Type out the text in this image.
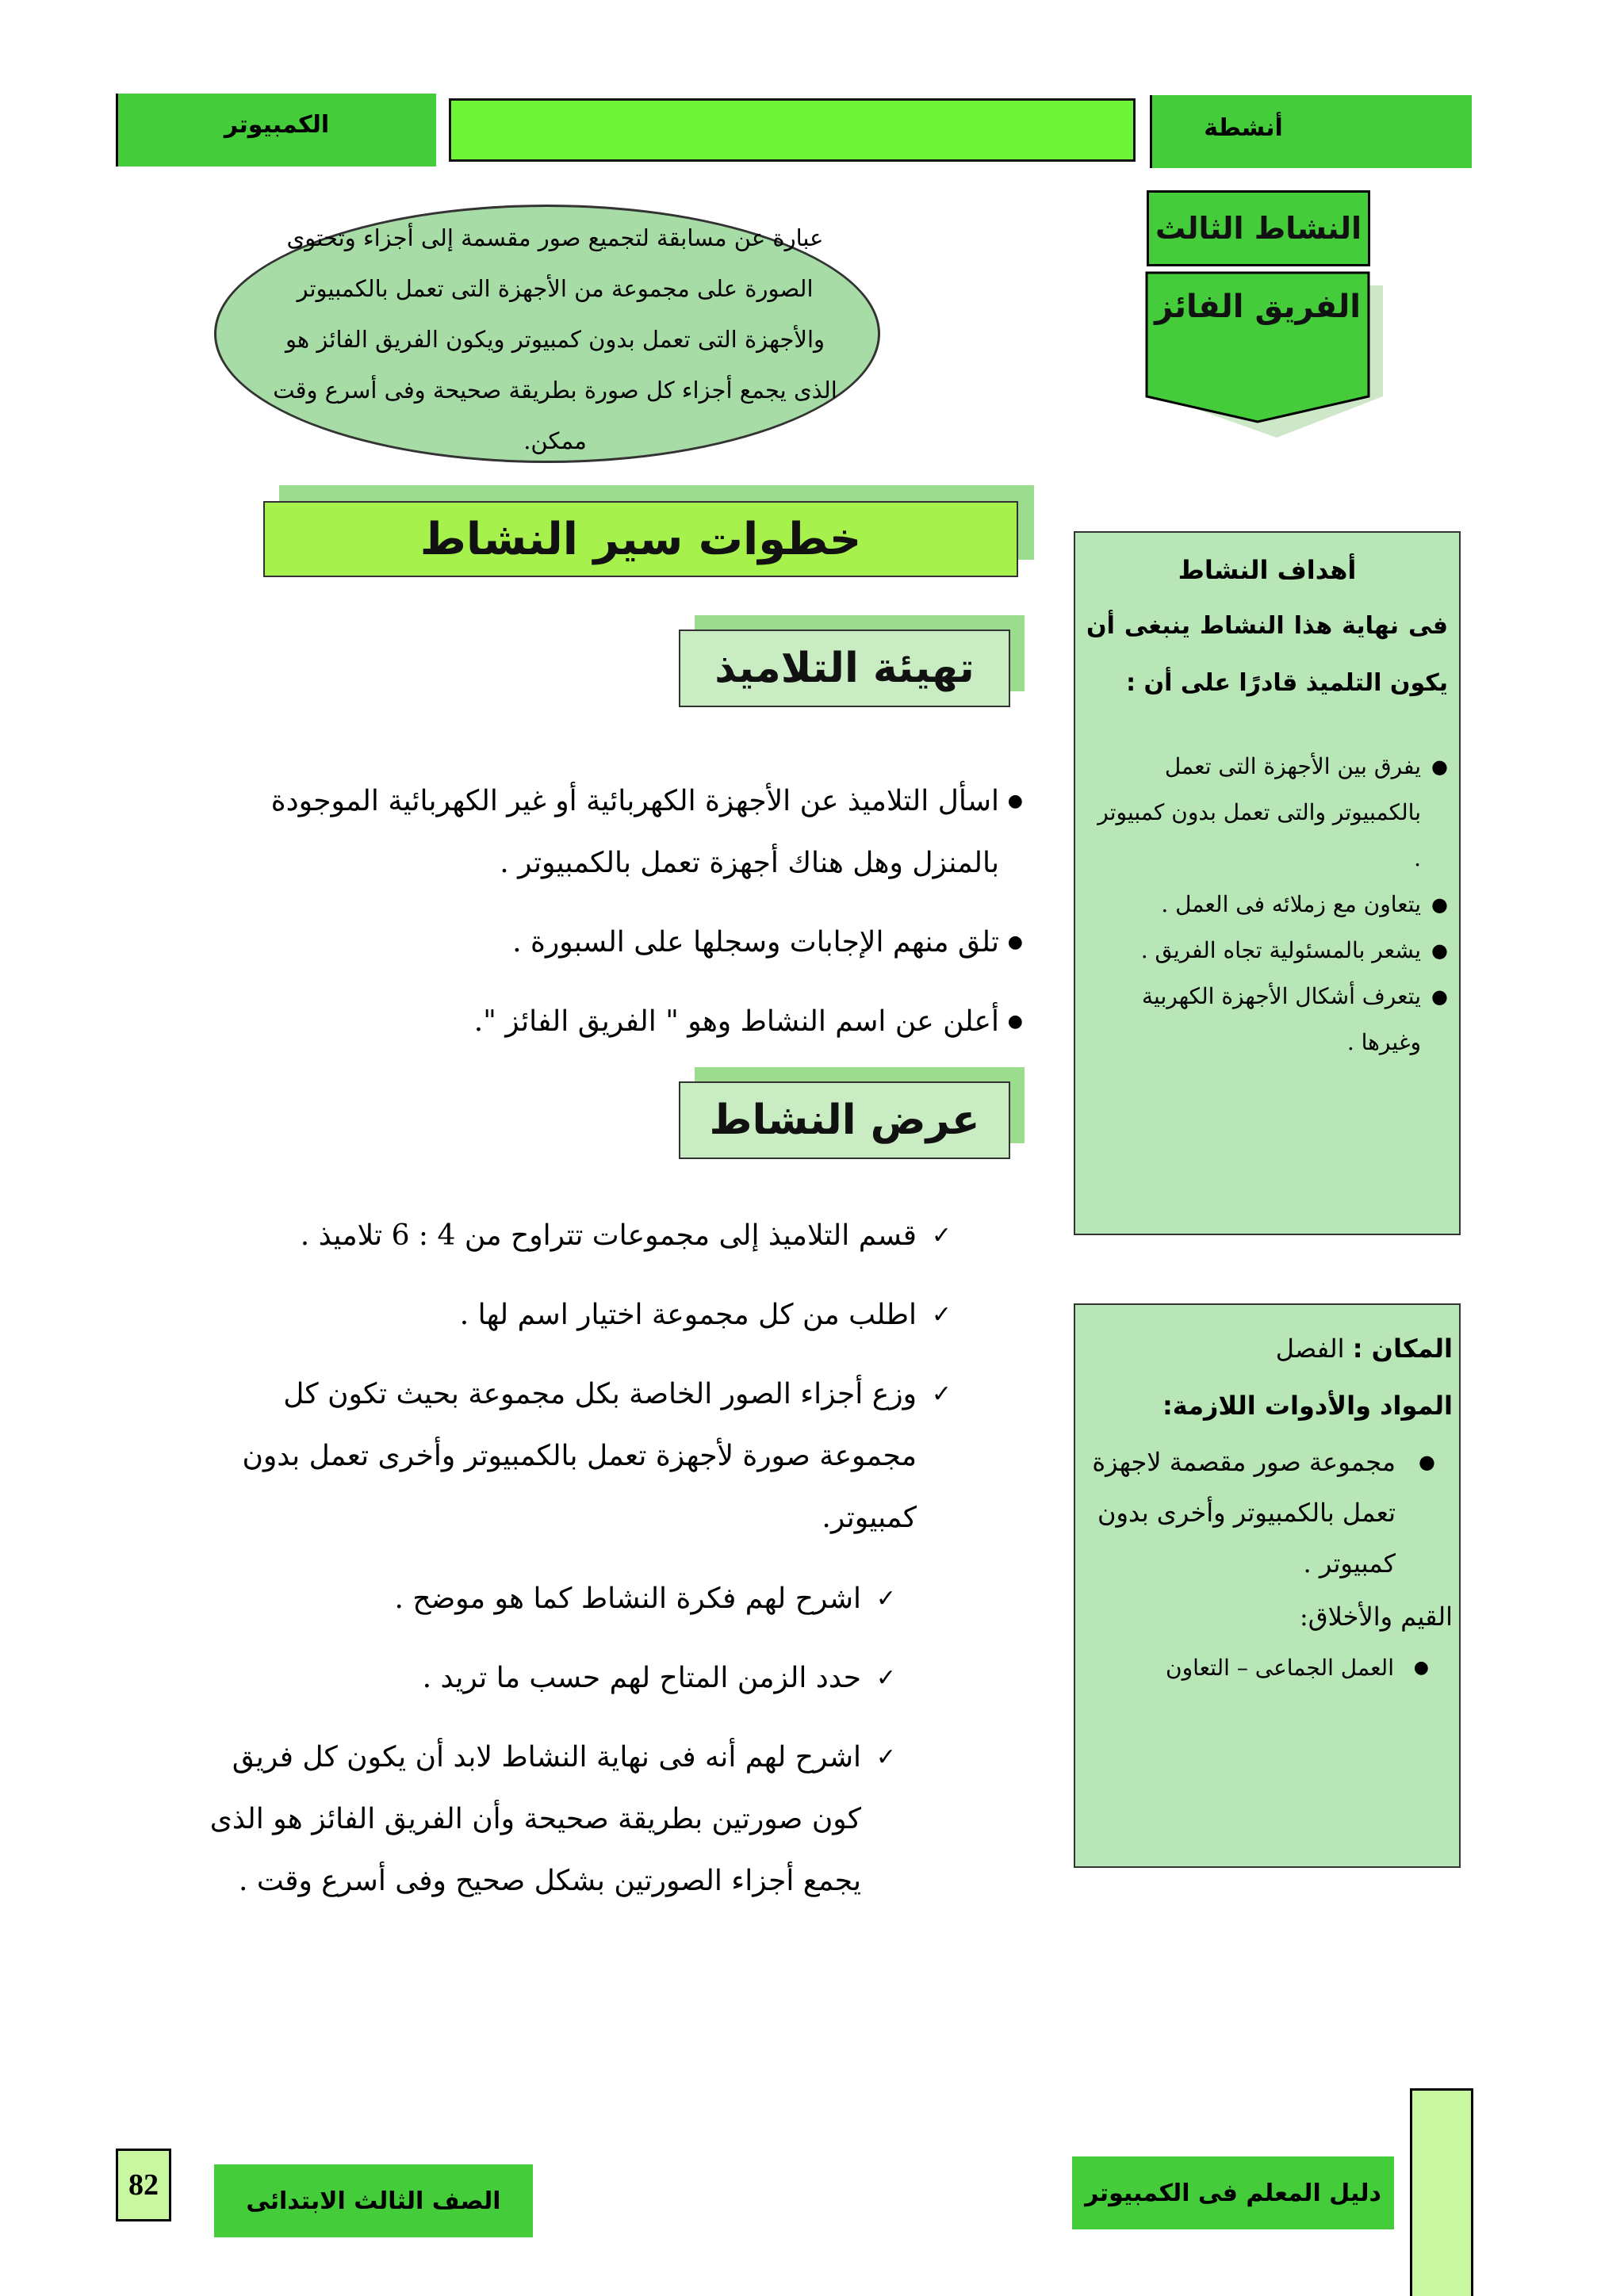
الكمبيوتر	أنشطة
النشاط الثالث
الفريق الفائز
عبارة عن مسابقة لتجميع صور مقسمة إلى أجزاء وتحتوى الصورة على مجموعة من الأجهزة التى تعمل بالكمبيوتر والأجهزة التى تعمل بدون كمبيوتر ويكون الفريق الفائز هو الذى يجمع أجزاء كل صورة بطريقة صحيحة وفى أسرع وقت ممكن.
خطوات سير النشاط
أهداف النشاط
فى نهاية هذا النشاط ينبغى أن يكون التلميذ قادرًا على أن :
●
يفرق بين الأجهزة التى تعمل بالكمبيوتر والتى تعمل بدون كمبيوتر .
●
يتعاون مع زملائه فى العمل .
●
يشعر بالمسئولية تجاه الفريق .
●
يتعرف أشكال الأجهزة الكهربية وغيرها .
تهيئة التلاميذ
●
اسأل التلاميذ عن الأجهزة الكهربائية أو غير الكهربائية الموجودة بالمنزل وهل هناك أجهزة تعمل بالكمبيوتر .
●
تلق منهم الإجابات وسجلها على السبورة .
●
أعلن عن اسم النشاط وهو " الفريق الفائز ".
عرض النشاط
✓
قسم التلاميذ إلى مجموعات تتراوح من 4 : 6 تلاميذ .
✓
اطلب من كل مجموعة اختيار اسم لها .
✓
وزع أجزاء الصور الخاصة بكل مجموعة بحيث تكون كل مجموعة صورة لأجهزة تعمل بالكمبيوتر وأخرى تعمل بدون كمبيوتر.
✓
اشرح لهم فكرة النشاط كما هو موضح .
✓
حدد الزمن المتاح لهم حسب ما تريد .
✓
اشرح لهم أنه فى نهاية النشاط لابد أن يكون كل فريق كون صورتين بطريقة صحيحة وأن الفريق الفائز هو الذى يجمع أجزاء الصورتين بشكل صحيح وفى أسرع وقت .
المكان : الفصل
المواد والأدوات اللازمة:
●
مجموعة صور مقصمة لاجهزة تعمل بالكمبيوتر وأخرى بدون كمبيوتر .
القيم والأخلاق:
●
العمل الجماعى – التعاون
82	الصف الثالث الابتدائى	دليل المعلم فى الكمبيوتر
